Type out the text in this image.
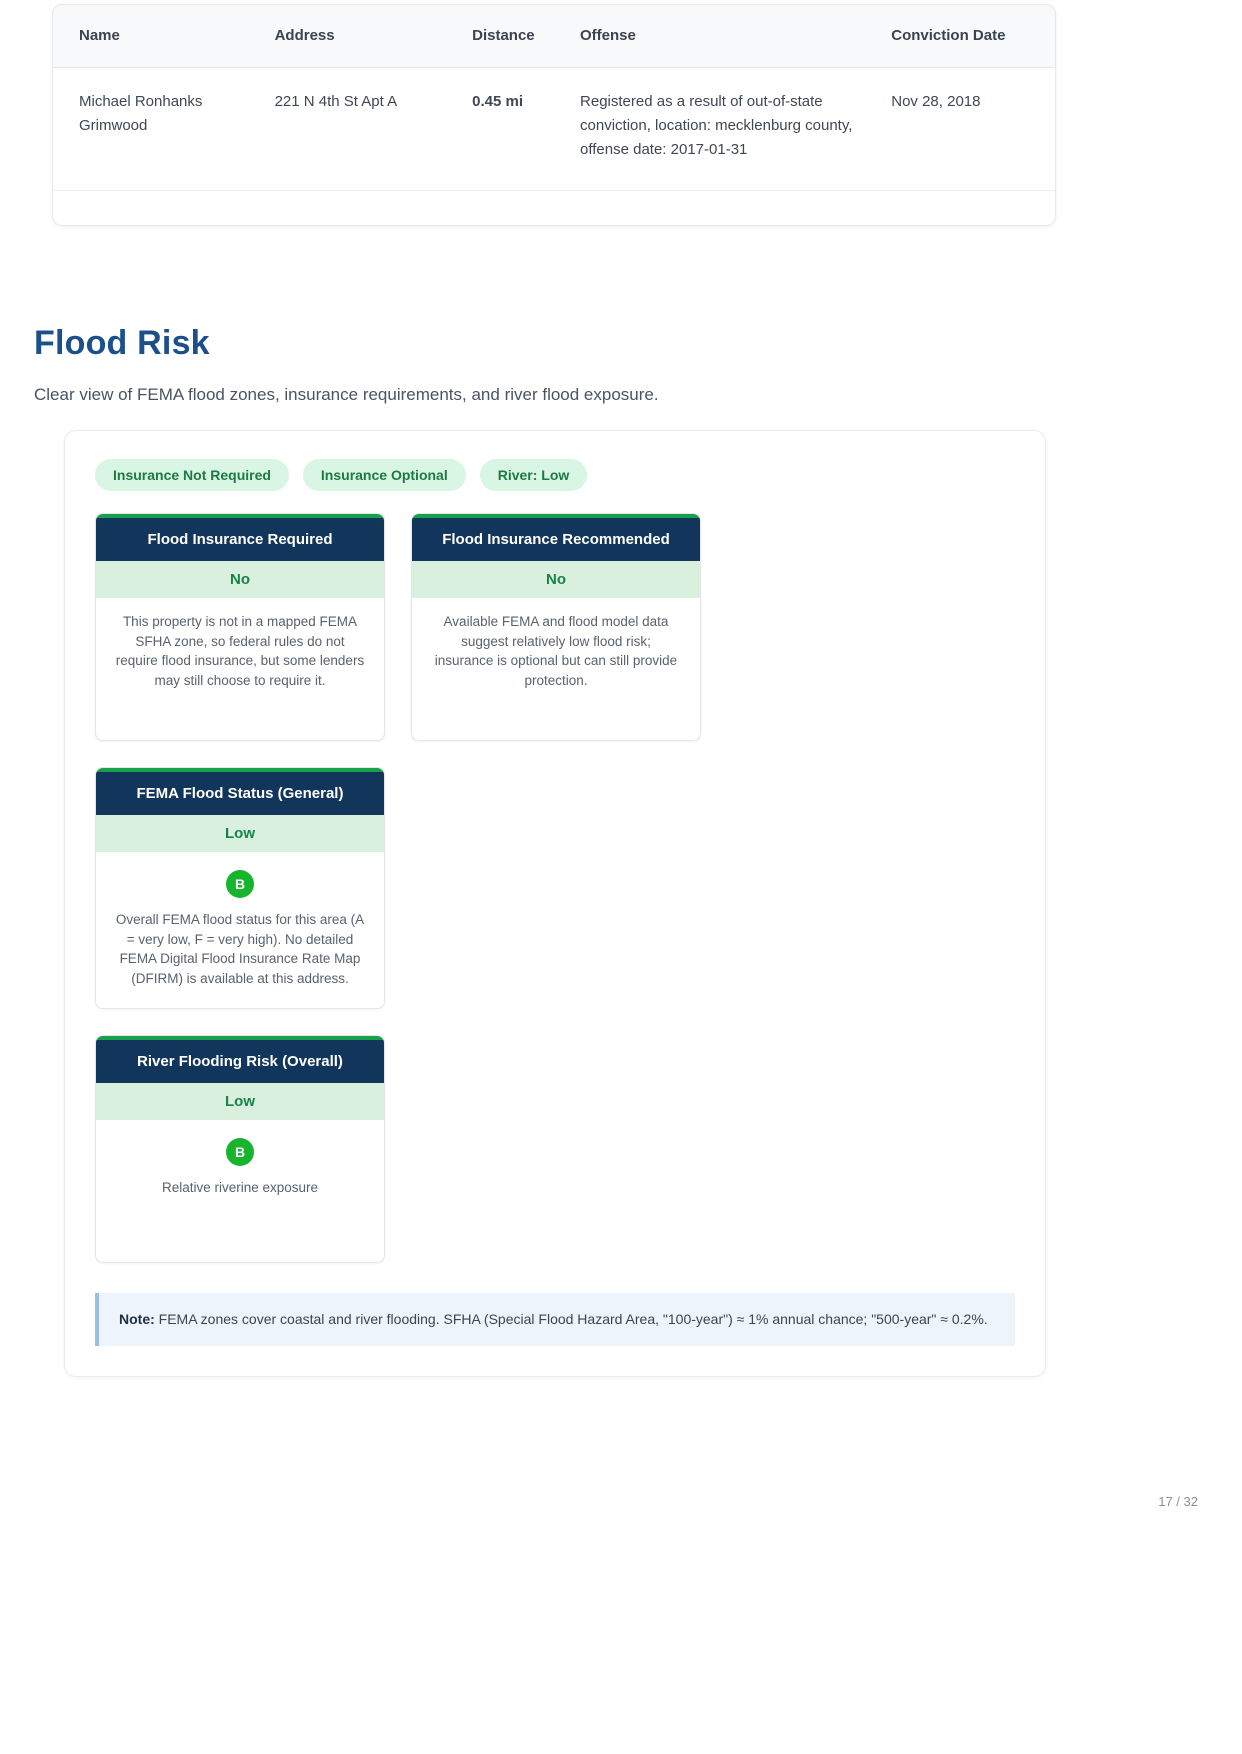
Name	Address	Distance	Offense	Conviction Date
Michael Ronhanks Grimwood	221 N 4th St Apt A	0.45 mi	Registered as a result of out-of-state conviction, location: mecklenburg county, offense date: 2017-01-31	Nov 28, 2018
Flood Risk
Clear view of FEMA flood zones, insurance requirements, and river flood exposure.
Insurance Not Required	Insurance Optional	River: Low
Flood Insurance Required
No
This property is not in a mapped FEMA SFHA zone, so federal rules do not require flood insurance, but some lenders may still choose to require it.
Flood Insurance Recommended
No
Available FEMA and flood model data suggest relatively low flood risk; insurance is optional but can still provide protection.
FEMA Flood Status (General)
Low
B
Overall FEMA flood status for this area (A = very low, F = very high). No detailed FEMA Digital Flood Insurance Rate Map (DFIRM) is available at this address.
River Flooding Risk (Overall)
Low
B
Relative riverine exposure
Note: FEMA zones cover coastal and river flooding. SFHA (Special Flood Hazard Area, "100-year") ≈ 1% annual chance; "500-year" ≈ 0.2%.
17 / 32
